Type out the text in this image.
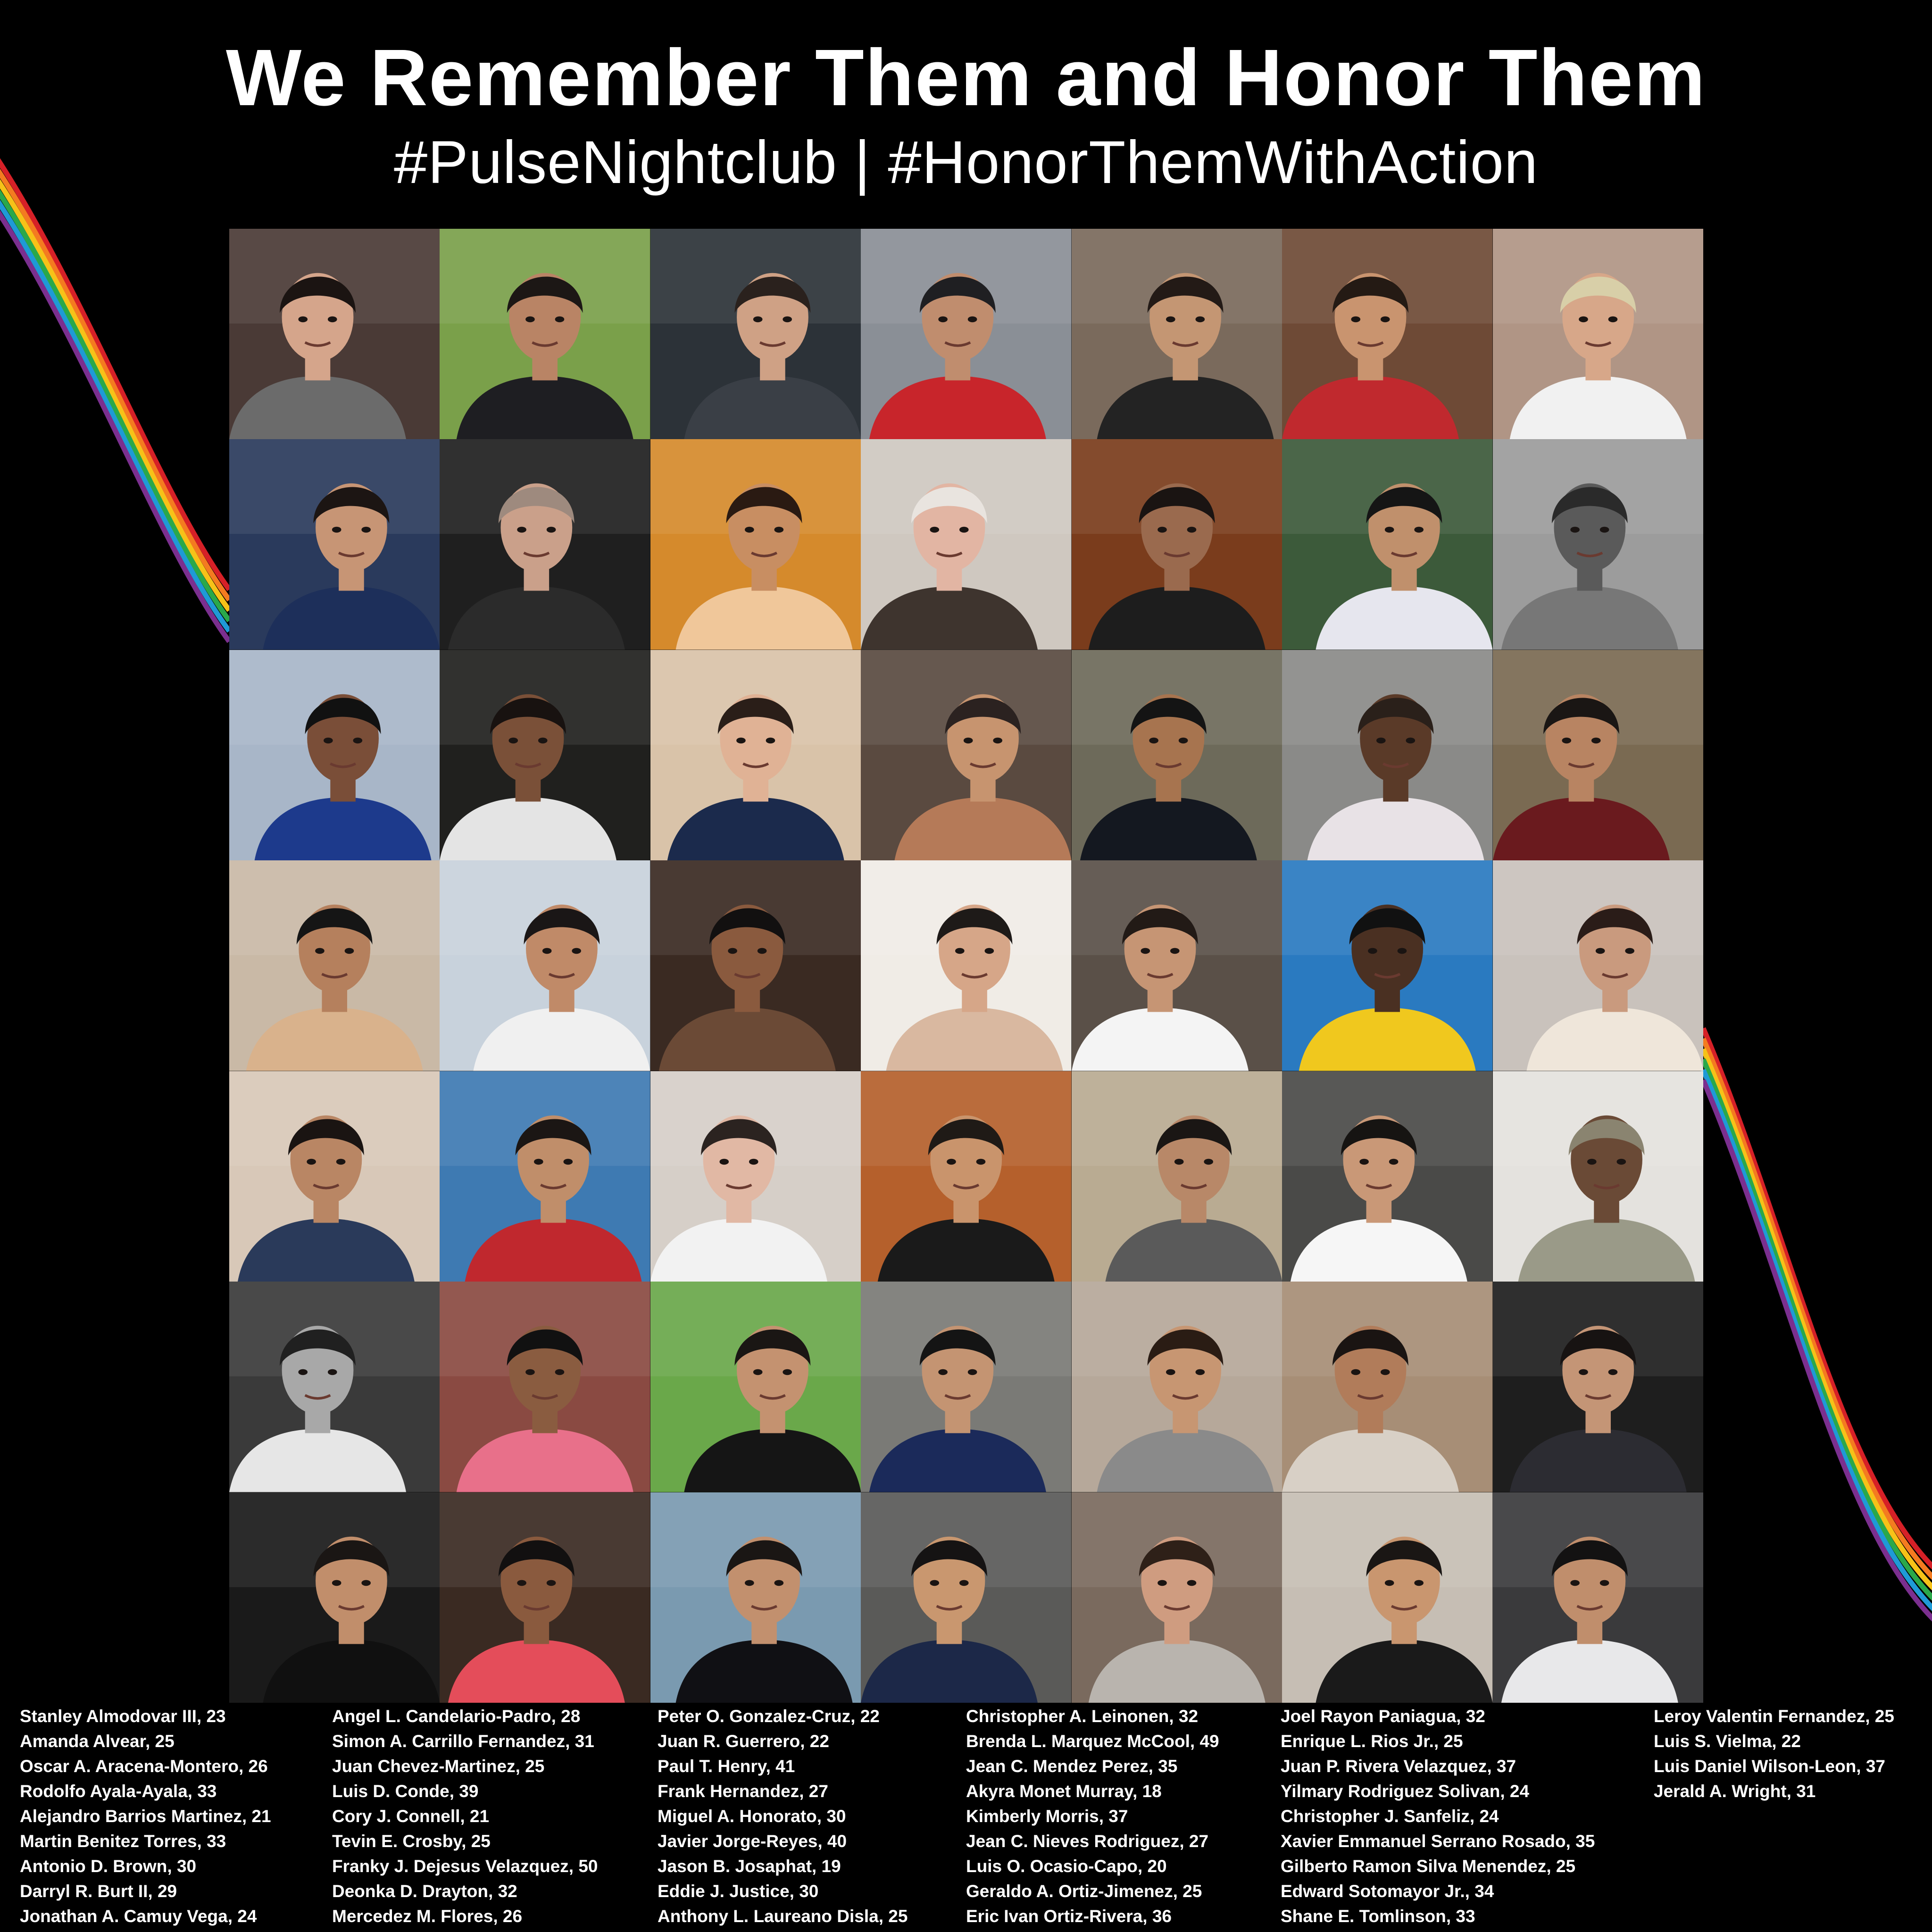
We Remember Them and Honor Them
#PulseNightclub | #HonorThemWithAction
Stanley Almodovar III, 23
Amanda Alvear, 25
Oscar A. Aracena-Montero, 26
Rodolfo Ayala-Ayala, 33
Alejandro Barrios Martinez, 21
Martin Benitez Torres, 33
Antonio D. Brown, 30
Darryl R. Burt II, 29
Jonathan A. Camuy Vega, 24
Angel L. Candelario-Padro, 28
Simon A. Carrillo Fernandez, 31
Juan Chevez-Martinez, 25
Luis D. Conde, 39
Cory J. Connell, 21
Tevin E. Crosby, 25
Franky J. Dejesus Velazquez, 50
Deonka D. Drayton, 32
Mercedez M. Flores, 26
Peter O. Gonzalez-Cruz, 22
Juan R. Guerrero, 22
Paul T. Henry, 41
Frank Hernandez, 27
Miguel A. Honorato, 30
Javier Jorge-Reyes, 40
Jason B. Josaphat, 19
Eddie J. Justice, 30
Anthony L. Laureano Disla, 25
Christopher A. Leinonen, 32
Brenda L. Marquez McCool, 49
Jean C. Mendez Perez, 35
Akyra Monet Murray, 18
Kimberly Morris, 37
Jean C. Nieves Rodriguez, 27
Luis O. Ocasio-Capo, 20
Geraldo A. Ortiz-Jimenez, 25
Eric Ivan Ortiz-Rivera, 36
Joel Rayon Paniagua, 32
Enrique L. Rios Jr., 25
Juan P. Rivera Velazquez, 37
Yilmary Rodriguez Solivan, 24
Christopher J. Sanfeliz, 24
Xavier Emmanuel Serrano Rosado, 35
Gilberto Ramon Silva Menendez, 25
Edward Sotomayor Jr., 34
Shane E. Tomlinson, 33
Leroy Valentin Fernandez, 25
Luis S. Vielma, 22
Luis Daniel Wilson-Leon, 37
Jerald A. Wright, 31
